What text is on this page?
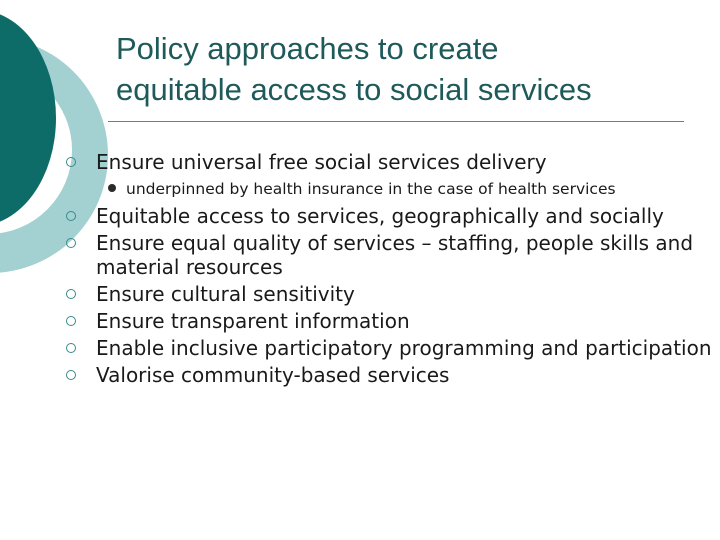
Policy approaches to create
equitable access to social services
Ensure universal free social services delivery
underpinned by health insurance in the case of health services
Equitable access to services, geographically and socially
Ensure equal quality of services – staffing, people skills and material resources
Ensure cultural sensitivity
Ensure transparent information
Enable inclusive participatory programming and participation
Valorise community-based services
